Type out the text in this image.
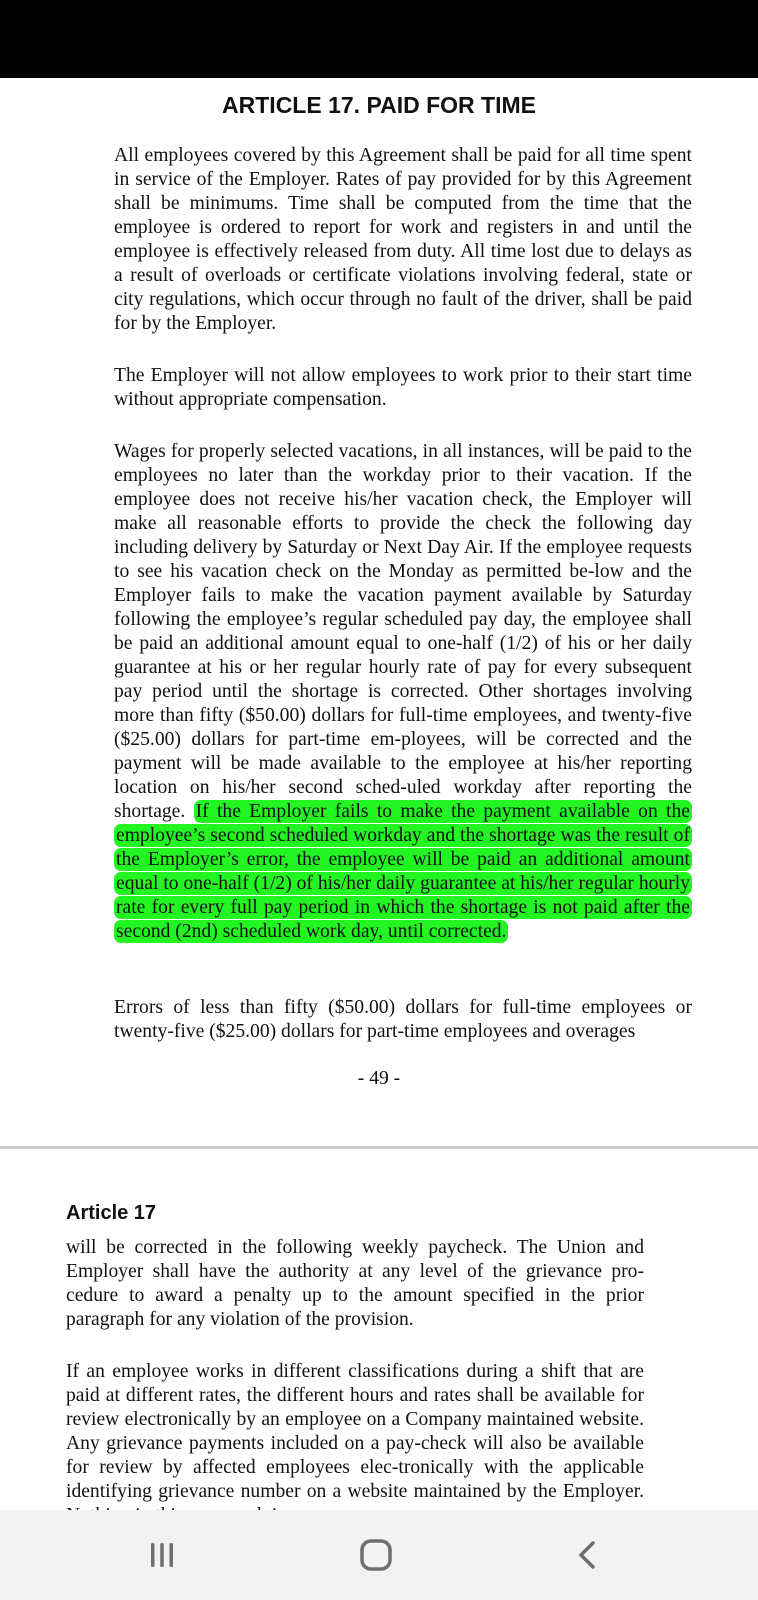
ARTICLE 17. PAID FOR TIME

All employees covered by this Agreement shall be paid for all time spent in service of the Employer. Rates of pay provided for by this Agreement shall be minimums. Time shall be computed from the time that the employee is ordered to report for work and registers in and until the employee is effectively released from duty. All time lost due to delays as a result of overloads or certificate violations involving federal, state or city regulations, which occur through no fault of the driver, shall be paid for by the Employer.

The Employer will not allow employees to work prior to their start time without appropriate compensation.

Wages for properly selected vacations, in all instances, will be paid to the employees no later than the workday prior to their vacation. If the employee does not receive his/her vacation check, the Employer will make all reasonable efforts to provide the check the following day including delivery by Saturday or Next Day Air. If the employee requests to see his vacation check on the Monday as permitted be-low and the Employer fails to make the vacation payment available by Saturday following the employee’s regular scheduled pay day, the employee shall be paid an additional amount equal to one-half (1/2) of his or her daily guarantee at his or her regular hourly rate of pay for every subsequent pay period until the shortage is corrected. Other shortages involving more than fifty ($50.00) dollars for full-time employees, and twenty-five ($25.00) dollars for part-time em-ployees, will be corrected and the payment will be made available to the employee at his/her reporting location on his/her second sched-uled workday after reporting the shortage. If the Employer fails to make the payment available on the employee’s second scheduled workday and the shortage was the result of the Employer’s error, the employee will be paid an additional amount equal to one-half (1/2) of his/her daily guarantee at his/her regular hourly rate for every full pay period in which the shortage is not paid after the second (2nd) scheduled work day, until corrected.

Errors of less than fifty ($50.00) dollars for full-time employees or twenty-five ($25.00) dollars for part-time employees and overages

- 49 -
Article 17

will be corrected in the following weekly paycheck. The Union and Employer shall have the authority at any level of the grievance pro-cedure to award a penalty up to the amount specified in the prior paragraph for any violation of the provision.

If an employee works in different classifications during a shift that are paid at different rates, the different hours and rates shall be available for review electronically by an employee on a Company maintained website. Any grievance payments included on a pay-check will also be available for review by affected employees elec-tronically with the applicable identifying grievance number on a website maintained by the Employer.
